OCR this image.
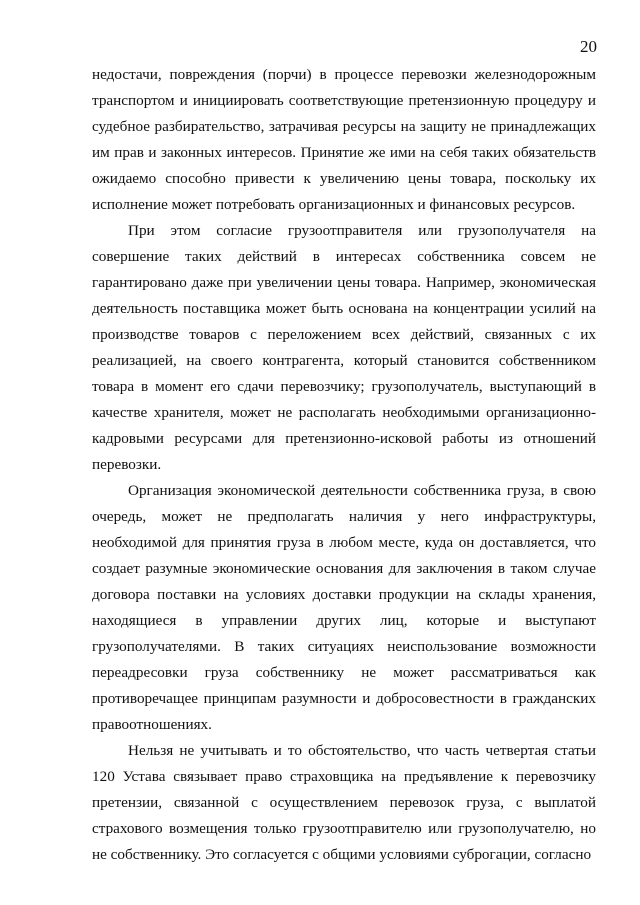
20

недостачи, повреждения (порчи) в процессе перевозки железнодорожным транспортом и инициировать соответствующие претензионную процедуру и судебное разбирательство, затрачивая ресурсы на защиту не принадлежащих им прав и законных интересов. Принятие же ими на себя таких обязательств ожидаемо способно привести к увеличению цены товара, поскольку их исполнение может потребовать организационных и финансовых ресурсов.

При этом согласие грузоотправителя или грузополучателя на совершение таких действий в интересах собственника совсем не гарантировано даже при увеличении цены товара. Например, экономическая деятельность поставщика может быть основана на концентрации усилий на производстве товаров с переложением всех действий, связанных с их реализацией, на своего контрагента, который становится собственником товара в момент его сдачи перевозчику; грузополучатель, выступающий в качестве хранителя, может не располагать необходимыми организационно-кадровыми ресурсами для претензионно-исковой работы из отношений перевозки.

Организация экономической деятельности собственника груза, в свою очередь, может не предполагать наличия у него инфраструктуры, необходимой для принятия груза в любом месте, куда он доставляется, что создает разумные экономические основания для заключения в таком случае договора поставки на условиях доставки продукции на склады хранения, находящиеся в управлении других лиц, которые и выступают грузополучателями. В таких ситуациях неиспользование возможности переадресовки груза собственнику не может рассматриваться как противоречащее принципам разумности и добросовестности в гражданских правоотношениях.

Нельзя не учитывать и то обстоятельство, что часть четвертая статьи 120 Устава связывает право страховщика на предъявление к перевозчику претензии, связанной с осуществлением перевозок груза, с выплатой страхового возмещения только грузоотправителю или грузополучателю, но не собственнику. Это согласуется с общими условиями суброгации, согласно
